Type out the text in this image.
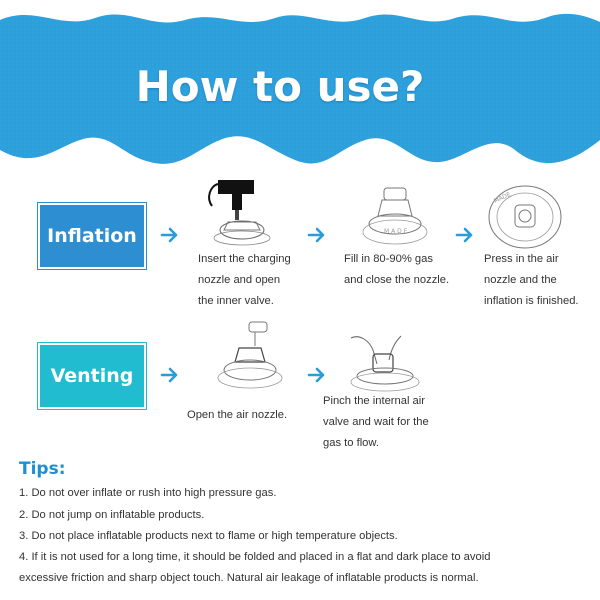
How to use?
Inflation
Insert the charging
nozzle and open
the inner valve.
M A D E
Fill in 80-90% gas
and close the nozzle.
MADE
Press in the air
nozzle and the
inflation is finished.
Venting
Open the air nozzle.
Pinch the internal air
valve and wait for the
gas to flow.
Tips:
1. Do not over inflate or rush into high pressure gas.
2. Do not jump on inflatable products.
3. Do not place inflatable products next to flame or high temperature objects.
4. If it is not used for a long time, it should be folded and placed in a flat and dark place to avoid
excessive friction and sharp object touch. Natural air leakage of inflatable products is normal.
